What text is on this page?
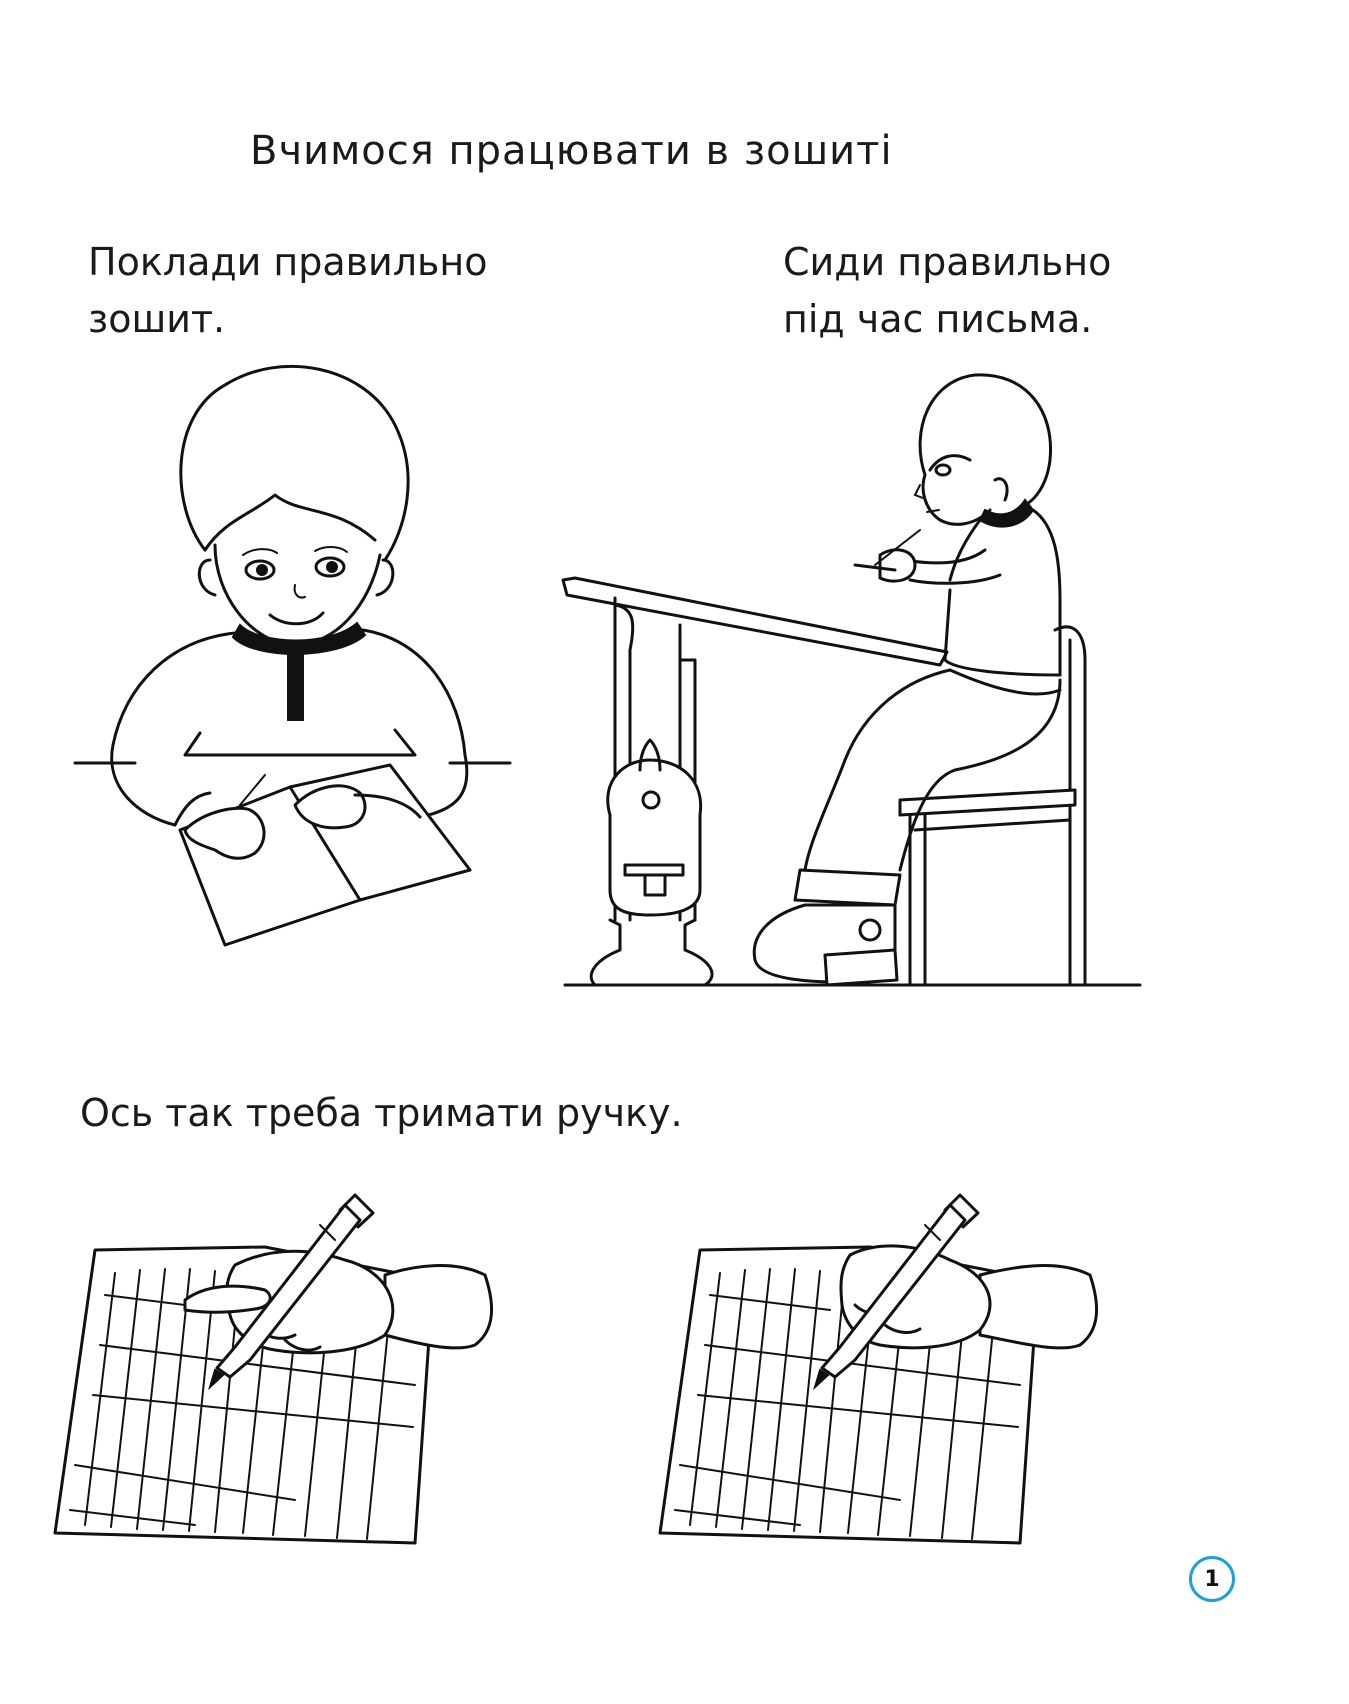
Вчимося працювати в зошиті
Поклади правильно
зошит.
Сиди правильно
під час письма.
Ось так треба тримати ручку.
1
